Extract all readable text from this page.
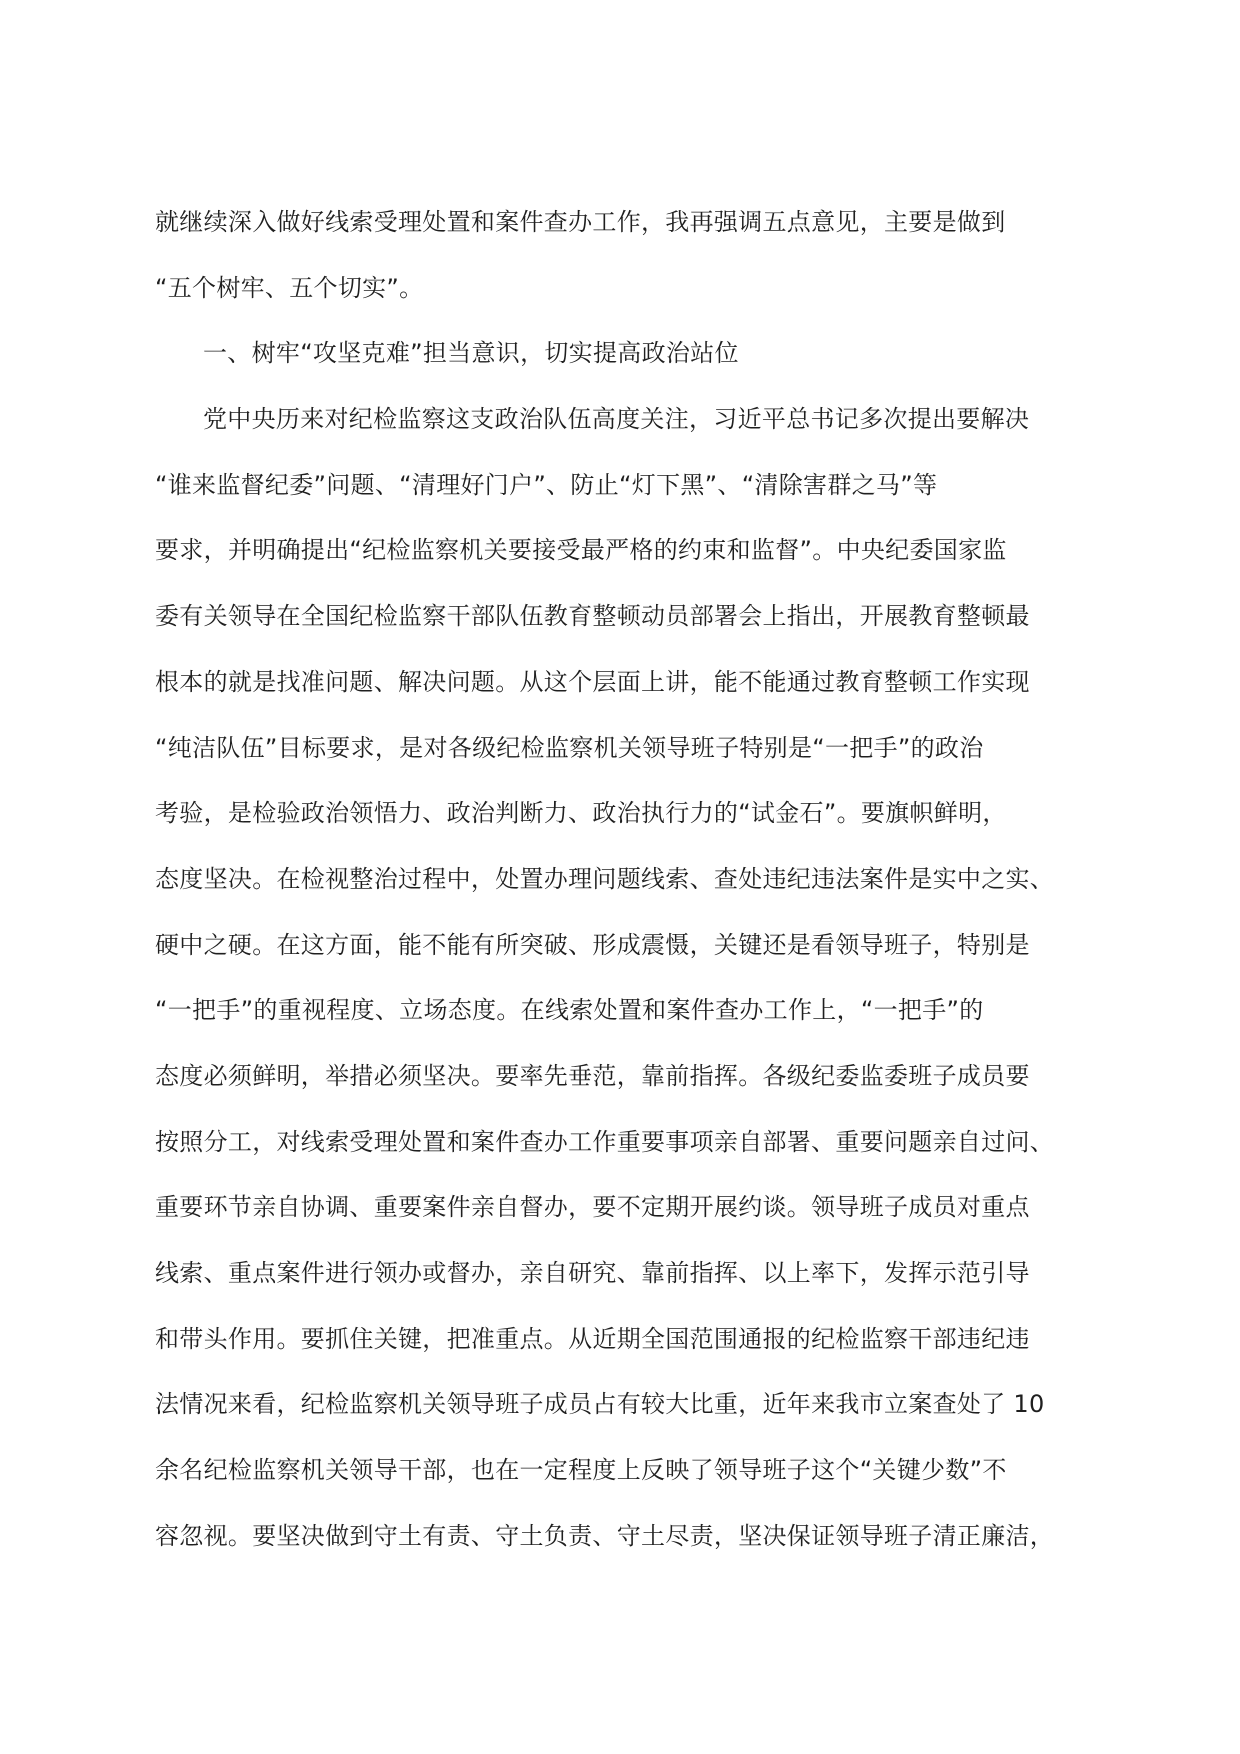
就继续深入做好线索受理处置和案件查办工作，我再强调五点意见，主要是做到
“五个树牢、五个切实”。
一、树牢“攻坚克难”担当意识，切实提高政治站位
党中央历来对纪检监察这支政治队伍高度关注，习近平总书记多次提出要解决
“谁来监督纪委”问题、“清理好门户”、防止“灯下黑”、“清除害群之马”等
要求，并明确提出“纪检监察机关要接受最严格的约束和监督”。中央纪委国家监
委有关领导在全国纪检监察干部队伍教育整顿动员部署会上指出，开展教育整顿最
根本的就是找准问题、解决问题。从这个层面上讲，能不能通过教育整顿工作实现
“纯洁队伍”目标要求，是对各级纪检监察机关领导班子特别是“一把手”的政治
考验，是检验政治领悟力、政治判断力、政治执行力的“试金石”。要旗帜鲜明，
态度坚决。在检视整治过程中，处置办理问题线索、查处违纪违法案件是实中之实、
硬中之硬。在这方面，能不能有所突破、形成震慑，关键还是看领导班子，特别是
“一把手”的重视程度、立场态度。在线索处置和案件查办工作上，“一把手”的
态度必须鲜明，举措必须坚决。要率先垂范，靠前指挥。各级纪委监委班子成员要
按照分工，对线索受理处置和案件查办工作重要事项亲自部署、重要问题亲自过问、
重要环节亲自协调、重要案件亲自督办，要不定期开展约谈。领导班子成员对重点
线索、重点案件进行领办或督办，亲自研究、靠前指挥、以上率下，发挥示范引导
和带头作用。要抓住关键，把准重点。从近期全国范围通报的纪检监察干部违纪违
法情况来看，纪检监察机关领导班子成员占有较大比重，近年来我市立案查处了 10
余名纪检监察机关领导干部，也在一定程度上反映了领导班子这个“关键少数”不
容忽视。要坚决做到守土有责、守土负责、守土尽责，坚决保证领导班子清正廉洁，
